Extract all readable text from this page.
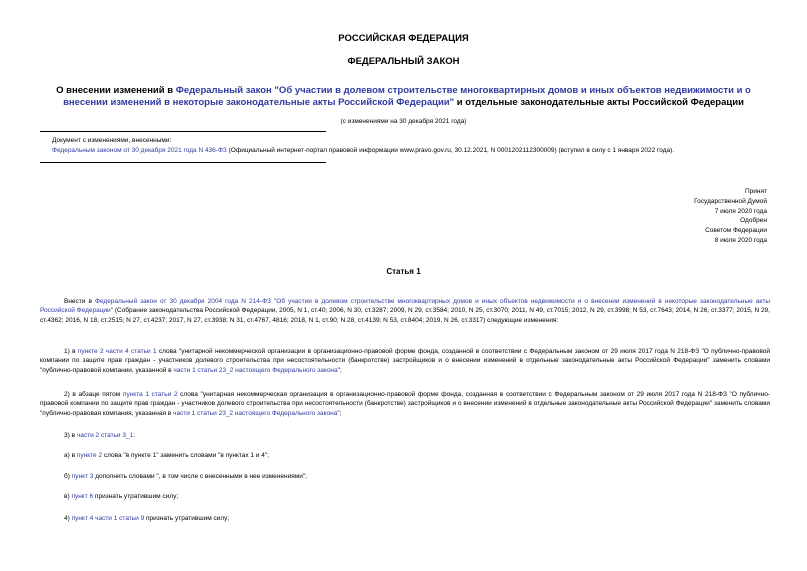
РОССИЙСКАЯ ФЕДЕРАЦИЯ
ФЕДЕРАЛЬНЫЙ ЗАКОН
О внесении изменений в Федеральный закон "Об участии в долевом строительстве многоквартирных домов и иных объектов недвижимости и о внесении изменений в некоторые законодательные акты Российской Федерации" и отдельные законодательные акты Российской Федерации
(с изменениями на 30 декабря 2021 года)
Документ с изменениями, внесенными:
Федеральным законом от 30 декабря 2021 года N 436-ФЗ (Официальный интернет-портал правовой информации www.pravo.gov.ru, 30.12.2021, N 0001202112300009) (вступил в силу с 1 января 2022 года).
Принят
Государственной Думой
7 июля 2020 года
Одобрен
Советом Федерации
8 июля 2020 года
Статья 1
Внести в Федеральный закон от 30 декабря 2004 года N 214-ФЗ "Об участии в долевом строительстве многоквартирных домов и иных объектов недвижимости и о внесении изменений в некоторые законодательные акты Российской Федерации" (Собрание законодательства Российской Федерации, 2005, N 1, ст.40; 2006, N 30, ст.3287; 2009, N 29, ст.3584; 2010, N 25, ст.3070; 2011, N 49, ст.7015; 2012, N 29, ст.3998; N 53, ст.7643; 2014, N 26, ст.3377; 2015, N 29, ст.4362; 2016, N 18, ст.2515; N 27, ст.4237; 2017, N 27, ст.3938; N 31, ст.4767, 4816; 2018, N 1, ст.90; N 28, ст.4139; N 53, ст.8404; 2019, N 26, ст.3317) следующие изменения:
1) в пункте 2 части 4 статьи 1 слова "унитарной некоммерческой организации в организационно-правовой форме фонда, созданной в соответствии с Федеральным законом от 29 июля 2017 года N 218-ФЗ "О публично-правовой компании по защите прав граждан - участников долевого строительства при несостоятельности (банкротстве) застройщиков и о внесении изменений в отдельные законодательные акты Российской Федерации" заменить словами "публично-правовой компании, указанной в части 1 статьи 23_2 настоящего Федерального закона";
2) в абзаце пятом пункта 1 статьи 2 слова "унитарная некоммерческая организация в организационно-правовой форме фонда, созданная в соответствии с Федеральным законом от 29 июля 2017 года N 218-ФЗ "О публично-правовой компании по защите прав граждан - участников долевого строительства при несостоятельности (банкротстве) застройщиков и о внесении изменений в отдельные законодательные акты Российской Федерации" заменить словами "публично-правовая компания, указанная в части 1 статьи 23_2 настоящего Федерального закона";
3) в части 2 статьи 3_1:
а) в пункте 2 слова "в пункте 1" заменить словами "в пунктах 1 и 4";
б) пункт 3 дополнить словами ", в том числе с внесенными в нее изменениями";
в) пункт 6 признать утратившим силу;
4) пункт 4 части 1 статьи 9 признать утратившим силу;
